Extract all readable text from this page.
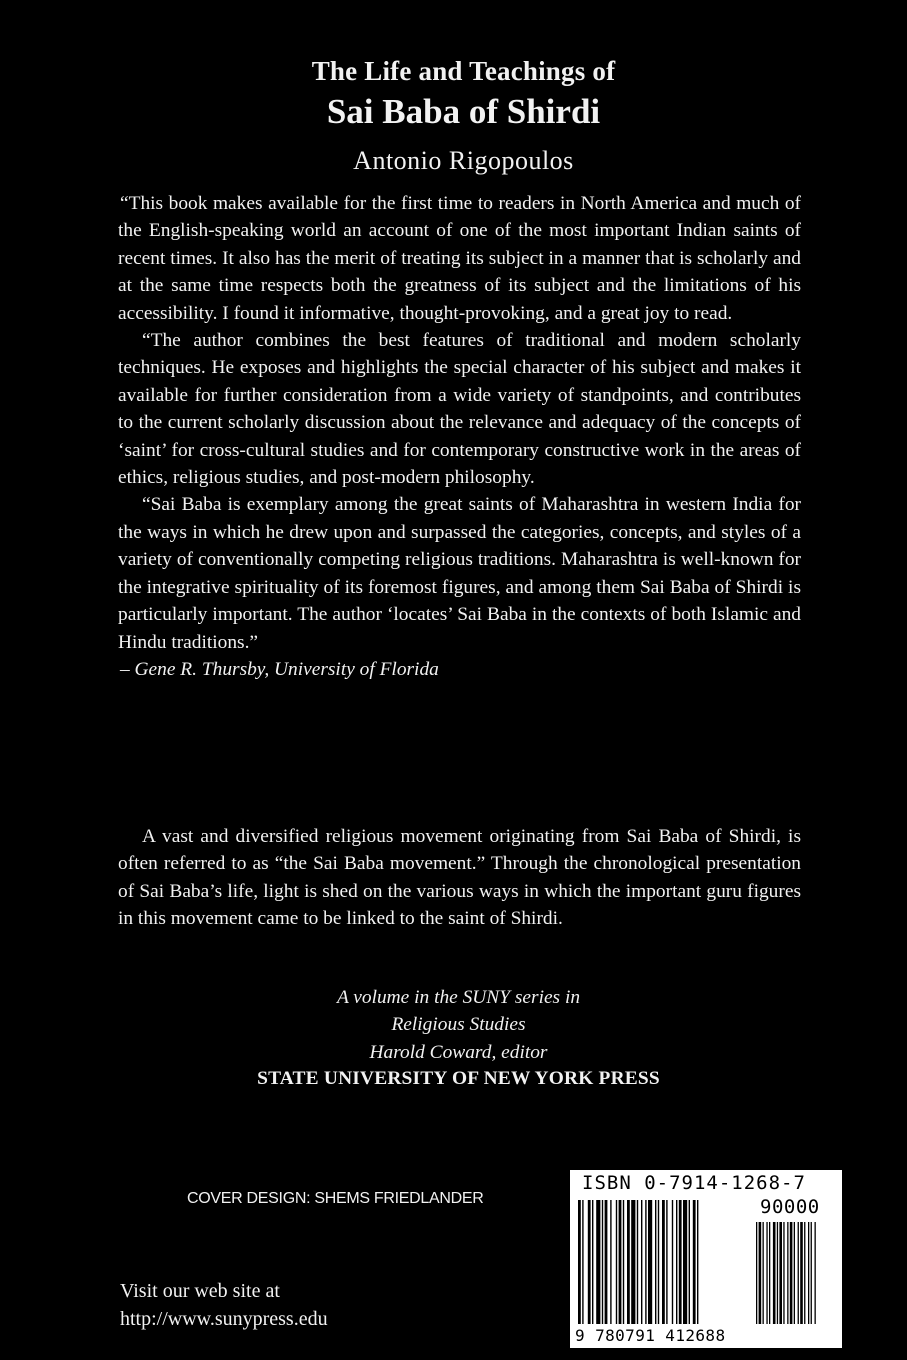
The Life and Teachings of
Sai Baba of Shirdi
Antonio Rigopoulos

“This book makes available for the first time to readers in North America and much of the English-speaking world an account of one of the most important Indian saints of recent times. It also has the merit of treating its subject in a manner that is scholarly and at the same time respects both the greatness of its subject and the limitations of his accessibility. I found it informative, thought-provoking, and a great joy to read.

“The author combines the best features of traditional and modern scholarly techniques. He exposes and highlights the special character of his subject and makes it available for further consideration from a wide variety of standpoints, and contributes to the current scholarly discussion about the relevance and adequacy of the concepts of ‘saint’ for cross-cultural studies and for contemporary constructive work in the areas of ethics, religious studies, and post-modern philosophy.

“Sai Baba is exemplary among the great saints of Maharashtra in western India for the ways in which he drew upon and surpassed the categories, concepts, and styles of a variety of conventionally competing religious traditions. Maharashtra is well-known for the integrative spirituality of its foremost figures, and among them Sai Baba of Shirdi is particularly important. The author ‘locates’ Sai Baba in the contexts of both Islamic and Hindu traditions.”

– Gene R. Thursby, University of Florida

A vast and diversified religious movement originating from Sai Baba of Shirdi, is often referred to as “the Sai Baba movement.” Through the chronological presentation of Sai Baba’s life, light is shed on the various ways in which the important guru figures in this movement came to be linked to the saint of Shirdi.

A volume in the SUNY series in
Religious Studies
Harold Coward, editor
STATE UNIVERSITY OF NEW YORK PRESS
COVER DESIGN: SHEMS FRIEDLANDER
Visit our web site at
http://www.sunypress.edu
ISBN 0-7914-1268-7
90000
9 780791 412688
